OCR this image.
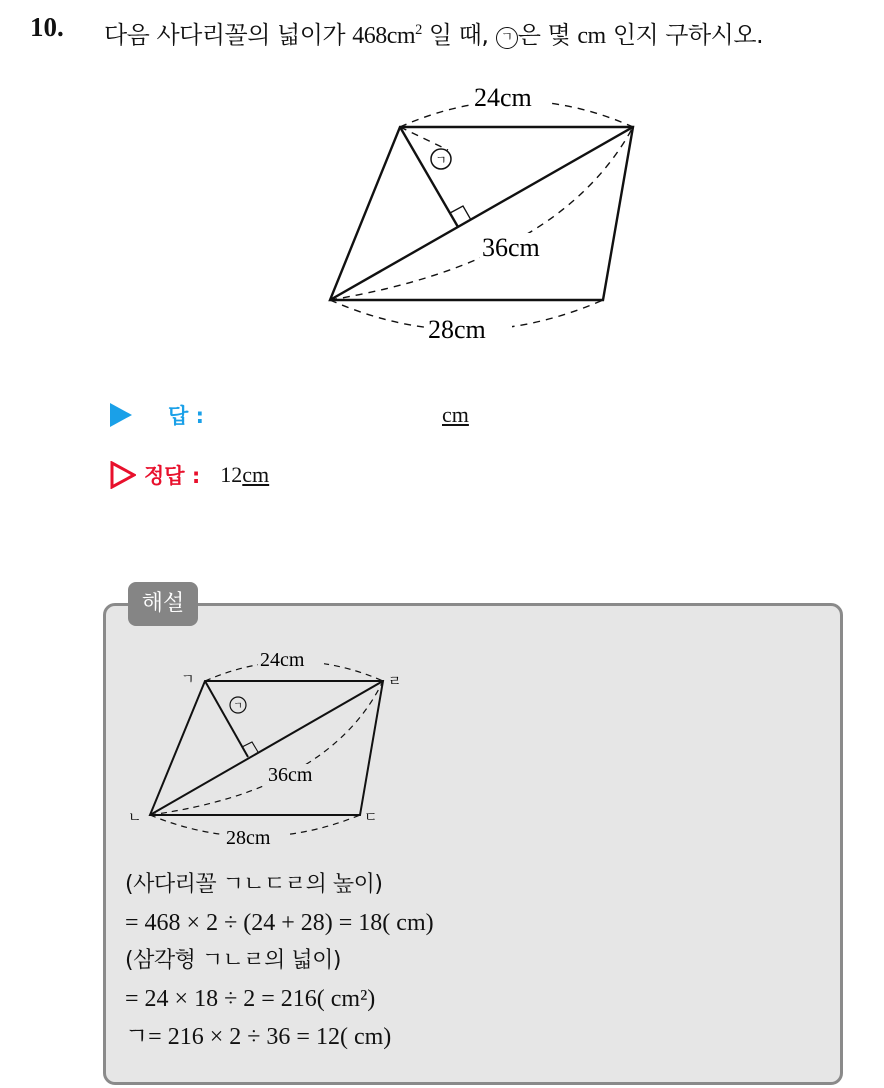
10. 다음 사다리꼴의 넓이가 $468cm^2$ 일 때, ㄱ 은 몇 cm 인지 구하시오.
24cm
36cm
28cm
ㄱ
답 :	cm
정답 : 12 cm
해설
24cm
36cm
28cm
ㄱ
ㄱ
ㄴ	ㄷ
ㄹ
(사다리꼴 ㄱㄴㄷㄹ의 높이)
= 468 × 2 ÷ (24 + 28) = 18( cm)
(삼각형 ㄱㄴㄹ의 넓이)
= 24 × 18 ÷ 2 = 216( cm²)
ㄱ= 216 × 2 ÷ 36 = 12( cm)
